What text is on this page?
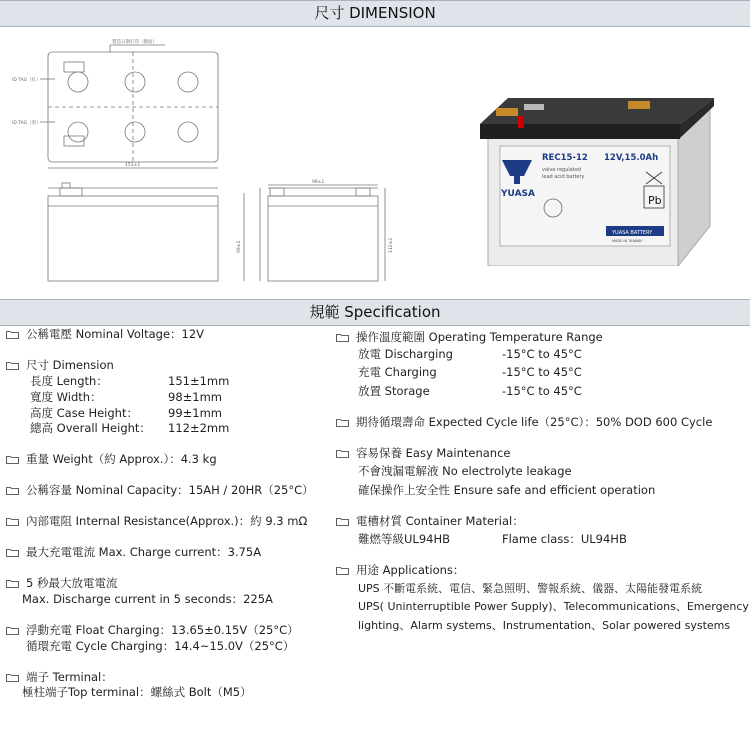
尺寸 DIMENSION
製造日期打印（側面）
ID TAG（紅）
ID TAG（黑）
151±1
98±1
99±1	112±2
YUASA
REC15-12 12V,15.0Ah
valve regulated
lead acid battery
Pb
YUASA BATTERY
MADE IN TAIWAN
規範 Specification
公稱電壓 Nominal Voltage：12V
尺寸 Dimension
長度 Length：	151±1mm
寬度 Width：	98±1mm
高度 Case Height：	99±1mm
總高 Overall Height： 112±2mm
重量 Weight（約 Approx.）：4.3 kg
公稱容量 Nominal Capacity：15AH / 20HR（25°C）
內部電阻 Internal Resistance(Approx.)：約 9.3 mΩ
最大充電電流 Max. Charge current：3.75A
5 秒最大放電電流
Max. Discharge current in 5 seconds：225A
浮動充電 Float Charging：13.65±0.15V（25°C）
循環充電 Cycle Charging：14.4~15.0V（25°C）
端子 Terminal：
極柱端子Top terminal：螺絲式 Bolt（M5）
操作溫度範圍 Operating Temperature Range
放電 Discharging	-15°C to 45°C
充電 Charging	-15°C to 45°C
放置 Storage	-15°C to 45°C
期待循環壽命 Expected Cycle life（25°C）：50% DOD 600 Cycle
容易保養 Easy Maintenance
不會洩漏電解液 No electrolyte leakage
確保操作上安全性 Ensure safe and efficient operation
電槽材質 Container Material：
難燃等級UL94HB	Flame class：UL94HB
用途 Applications：
UPS 不斷電系統、電信、緊急照明、警報系統、儀器、太陽能發電系統
UPS( Uninterruptible Power Supply)、Telecommunications、Emergency
lighting、Alarm systems、Instrumentation、Solar powered systems
